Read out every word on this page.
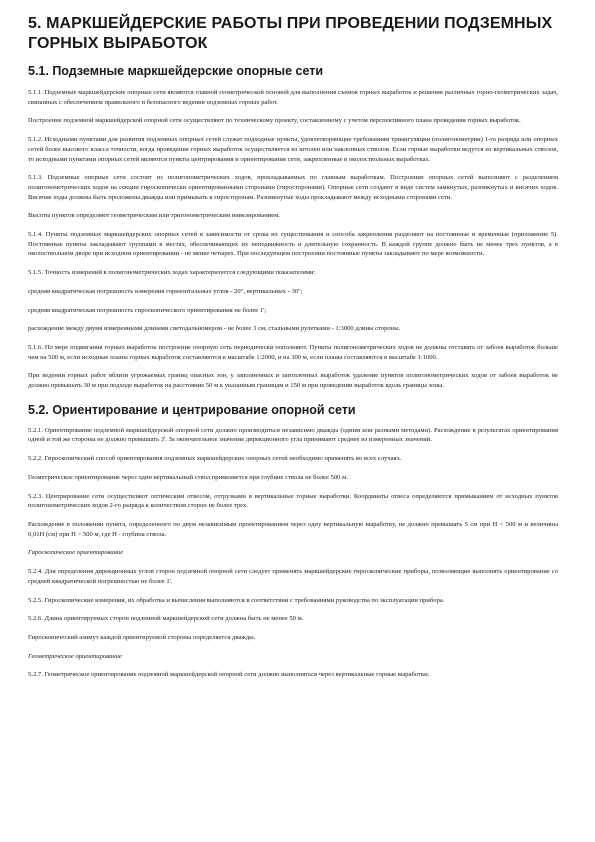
5. МАРКШЕЙДЕРСКИЕ РАБОТЫ ПРИ ПРОВЕДЕНИИ ПОДЗЕМНЫХ ГОРНЫХ ВЫРАБОТОК
5.1. Подземные маркшейдерские опорные сети
5.1.1. Подземные маркшейдерские опорные сети являются главной геометрической основой для выполнения съемок горных выработок и решения различных горно-геометрических задач, связанных с обеспечением правильного и безопасного ведения подземных горных работ.
Построение подземной маркшейдерской опорной сети осуществляют по техническому проекту, составленному с учетом перспективного плана проведения горных выработок.
5.1.2. Исходными пунктами для развития подземных опорных сетей служат подходные пункты, удовлетворяющие требованиям триангуляции (полигонометрии) 1-го разряда или опорных сетей более высокого класса точности, когда проведение горных выработок осуществляется из штолен или наклонных стволов. Если горные выработки ведутся из вертикальных стволов, то исходными пунктами опорных сетей являются пункты центрирования и ориентирования сети, закрепленные в околоствольных выработках.
5.1.3. Подземные опорные сети состоят из полигонометрических ходов, прокладываемых по главным выработкам. Построение опорных сетей выполняют с разделением полигонометрических ходов на секции гироскопически ориентированными сторонами (гиросторонами). Опорные сети создают в виде систем замкнутых, разомкнутых и висячих ходов. Висячие ходы должны быть проложены дважды или примыкать к гиросторонам. Разомкнутые ходы прокладывают между исходными сторонами сети.
Высоты пунктов определяют геометрическим или тригонометрическим нивелированием.
5.1.4. Пункты подземных маркшейдерских опорных сетей в зависимости от срока их существования и способа закрепления разделяют на постоянные и временные (приложение 5). Постоянные пункты закладывают группами в местах, обеспечивающих их неподвижность и длительную сохранность. В каждой группе должно быть не менее трех пунктов, а в околоствольном дворе при исходном ориентировании - не менее четырех. При последующем построении постоянные пункты закладывают по мере возможности.
5.1.5. Точность измерений в полигонометрических ходах характеризуется следующими показателями:
средняя квадратическая погрешность измерения горизонтальных углов - 20", вертикальных - 30";
средняя квадратическая погрешность гироскопического ориентирования не более 1';
расхождение между двумя измеренными длинами светодальномером - не более 3 см, стальными рулетками - 1:3000 длины стороны.
5.1.6. По мере подвигания горных выработок построение опорную сеть периодически пополняют. Пункты полигонометрических ходов не должны отставать от забоев выработок больше чем на 500 м, если исходные планы горных выработок составляются в масштабе 1:2000, и на 300 м, если планы составляются в масштабе 1:1000.
При ведении горных работ вблизи угрожаемых границ опасных зон, у заполненных и затопленных выработок удаление пунктов полигонометрических ходов от забоев выработок не должно превышать 30 м при подходе выработок на расстояние 50 м к указанным границам и 150 м при проведении выработок вдоль границы зоны.
5.2. Ориентирование и центрирование опорной сети
5.2.1. Ориентирование подземной маркшейдерской опорной сети должно производиться независимо дважды (одним или разными методами). Расхождение в результатах ориентирования одной и той же стороны не должно превышать 3'. За окончательное значение дирекционного угла принимают среднее из измеренных значений.
5.2.2. Гироскопический способ ориентирования подземных маркшейдерских опорных сетей необходимо применять во всех случаях.
Геометрическое ориентирование через один вертикальный ствол применяется при глубине ствола не более 500 м.
5.2.3. Центрирование сети осуществляют оптическим отвесом, отгрузками в вертикальные горные выработки. Координаты отвеса определяются примыканием от исходных пунктов полигонометрических ходов 2-го разряда к количеством сторон не более трех.
Расхождение в положении пункта, определенного по двум независимым проектированием через одну вертикальную выработку, не должно превышать 5 см при H < 500 м и величины 0,01H (см) при H > 500 м, где H - глубина ствола.
Гироскопическое ориентирование
5.2.4. Для определения дирекционных углов сторон подземной опорной сети следует применять маркшейдерские гироскопические приборы, позволяющие выполнять ориентирование со средней квадратической погрешностью не более 1'.
5.2.5. Гироскопические измерения, их обработка и вычисления выполняются в соответствии с требованиями руководства по эксплуатации прибора.
5.2.6. Длина ориентируемых сторон подземной маркшейдерской сети должна быть не менее 50 м.
Гироскопический азимут каждой ориентируемой стороны определяется дважды.
Геометрическое ориентирование
5.2.7. Геометрическое ориентирование подземной маркшейдерской опорной сети должно выполняться через вертикальные горные выработки.
